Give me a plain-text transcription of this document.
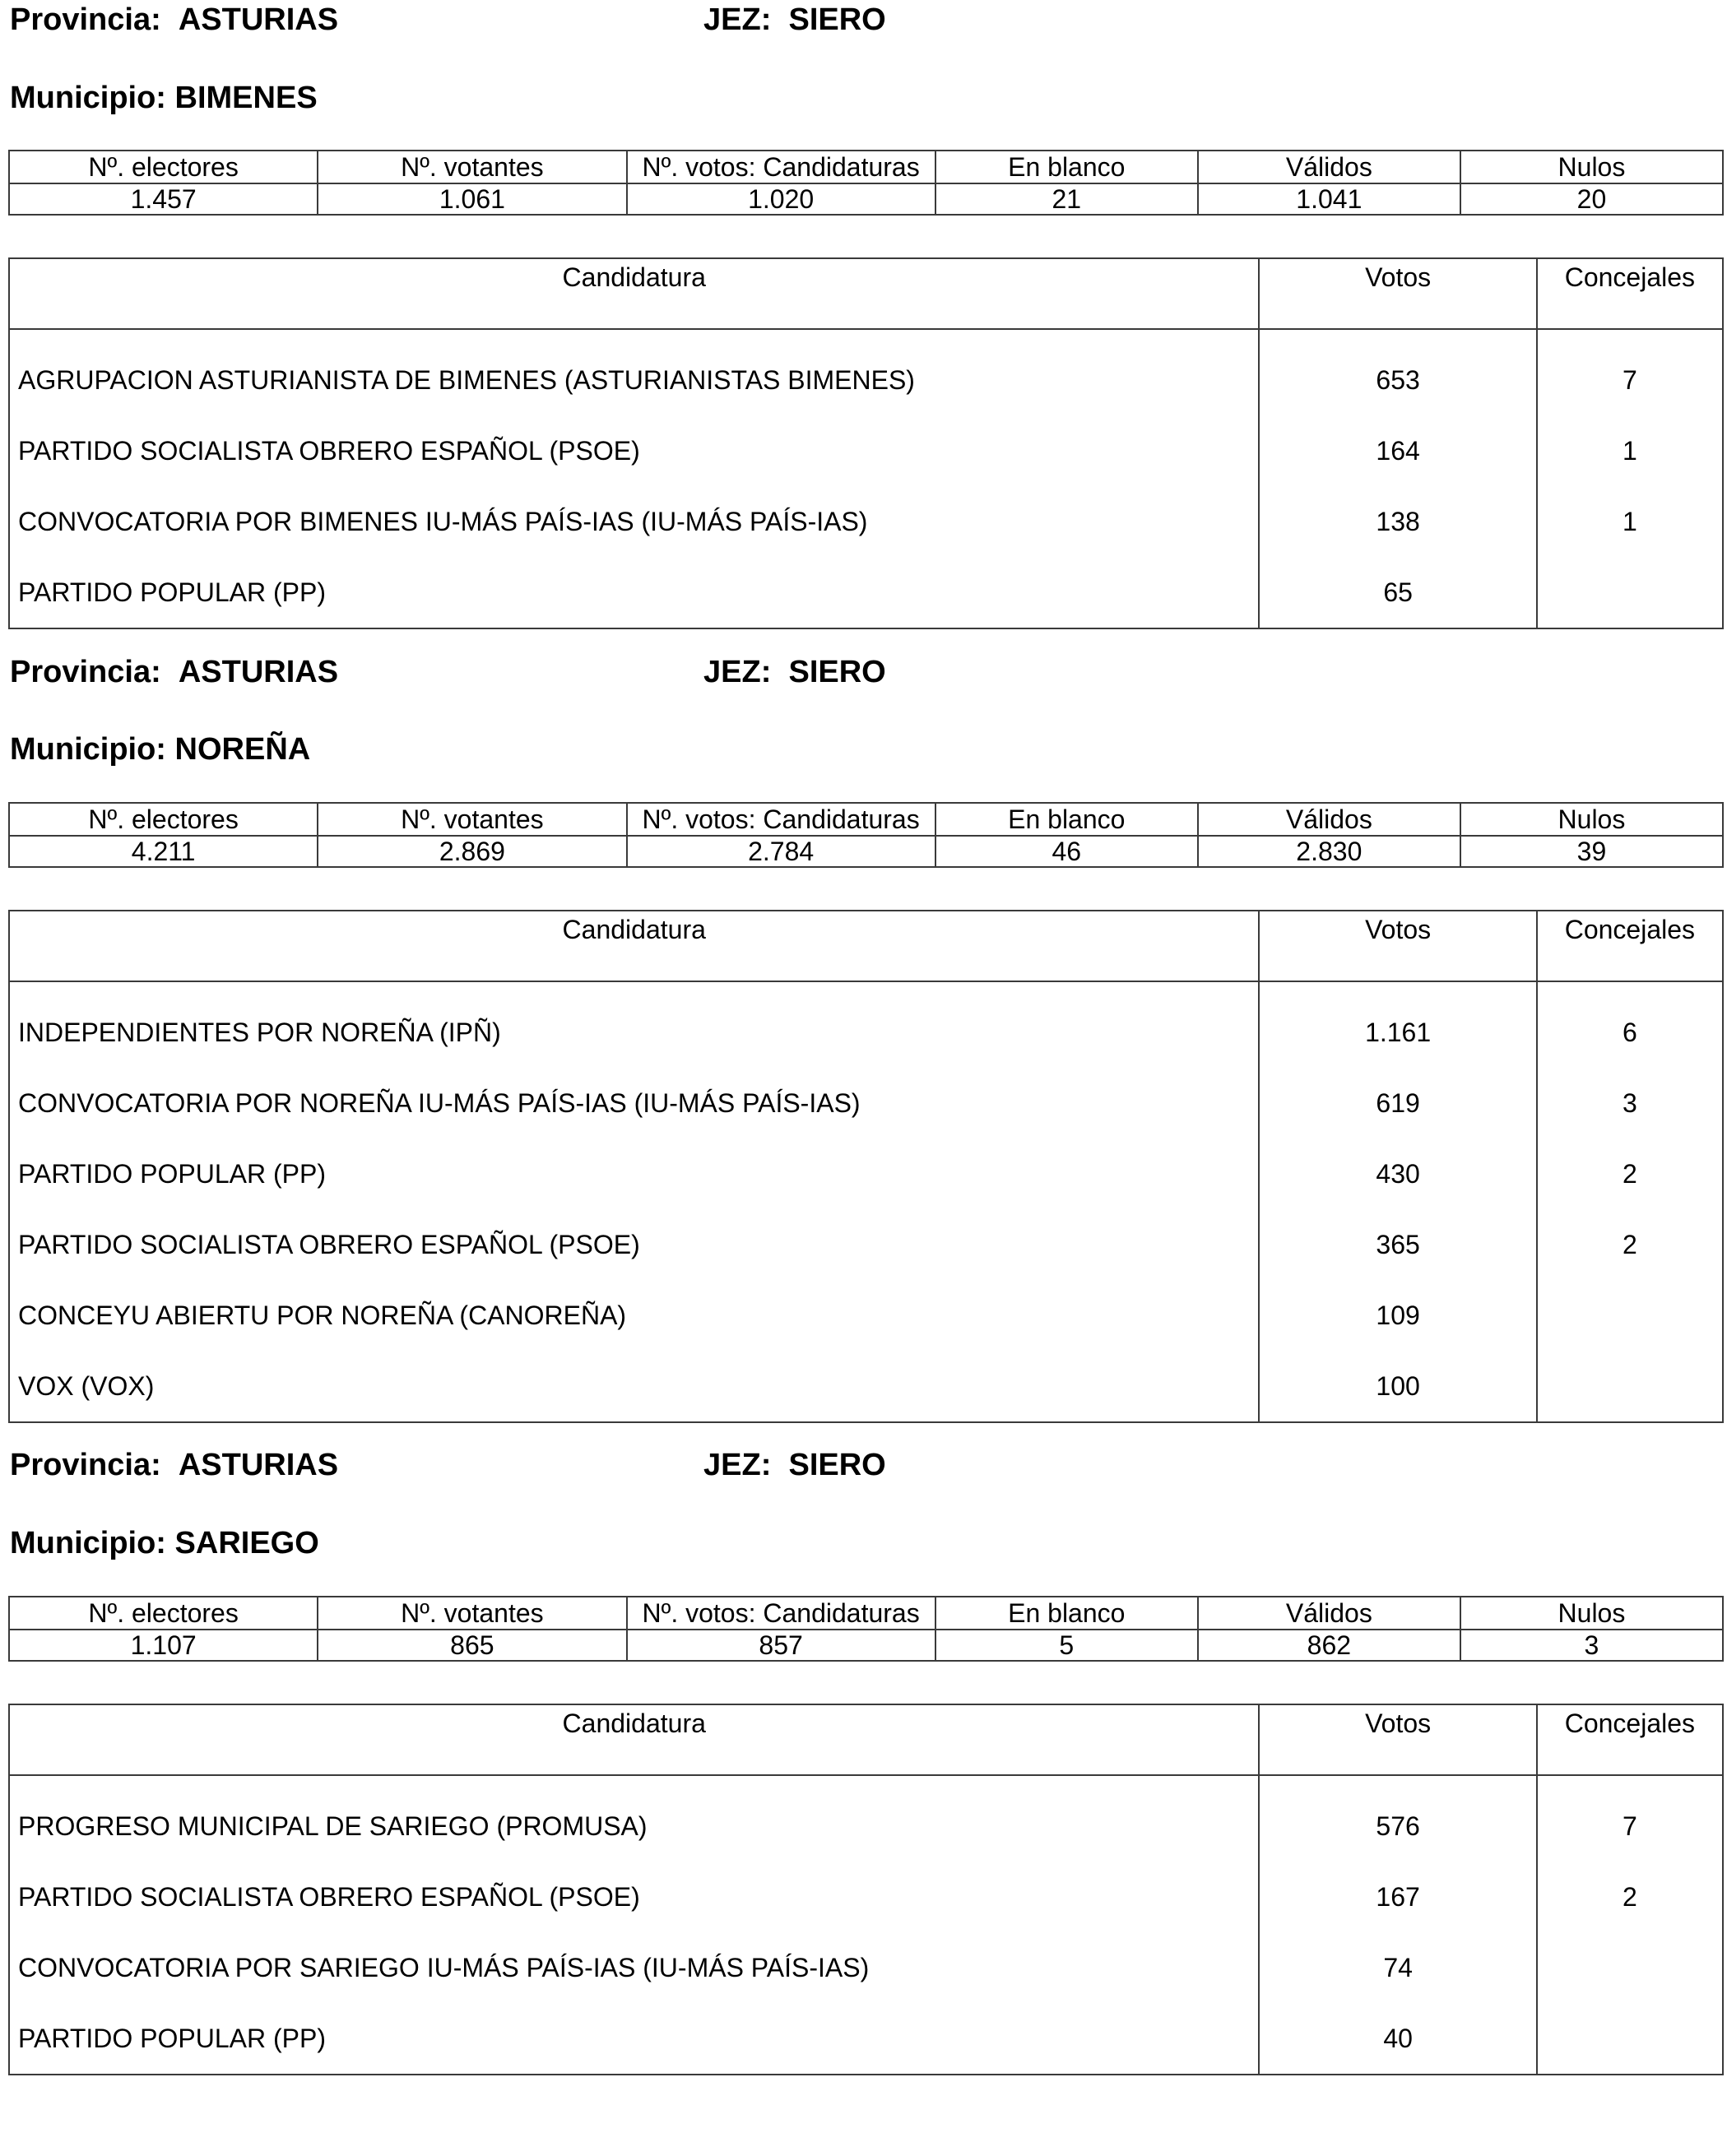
Provincia: ASTURIAS	JEZ: SIERO
Municipio: BIMENES
Nº. electores	Nº. votantes	Nº. votos: Candidaturas	En blanco	Válidos	Nulos
1.457	1.061	1.020	21	1.041	20
Candidatura	Votos	Concejales
AGRUPACION ASTURIANISTA DE BIMENES (ASTURIANISTAS BIMENES)	653	7
PARTIDO SOCIALISTA OBRERO ESPAÑOL (PSOE)	164	1
CONVOCATORIA POR BIMENES IU-MÁS PAÍS-IAS (IU-MÁS PAÍS-IAS)	138	1
PARTIDO POPULAR (PP)	65	
Provincia: ASTURIAS	JEZ: SIERO
Municipio: NOREÑA
Nº. electores	Nº. votantes	Nº. votos: Candidaturas	En blanco	Válidos	Nulos
4.211	2.869	2.784	46	2.830	39
Candidatura	Votos	Concejales
INDEPENDIENTES POR NOREÑA (IPÑ)	1.161	6
CONVOCATORIA POR NOREÑA IU-MÁS PAÍS-IAS (IU-MÁS PAÍS-IAS)	619	3
PARTIDO POPULAR (PP)	430	2
PARTIDO SOCIALISTA OBRERO ESPAÑOL (PSOE)	365	2
CONCEYU ABIERTU POR NOREÑA (CANOREÑA)	109	
VOX (VOX)	100	
Provincia: ASTURIAS	JEZ: SIERO
Municipio: SARIEGO
Nº. electores	Nº. votantes	Nº. votos: Candidaturas	En blanco	Válidos	Nulos
1.107	865	857	5	862	3
Candidatura	Votos	Concejales
PROGRESO MUNICIPAL DE SARIEGO (PROMUSA)	576	7
PARTIDO SOCIALISTA OBRERO ESPAÑOL (PSOE)	167	2
CONVOCATORIA POR SARIEGO IU-MÁS PAÍS-IAS (IU-MÁS PAÍS-IAS)	74	
PARTIDO POPULAR (PP)	40	
